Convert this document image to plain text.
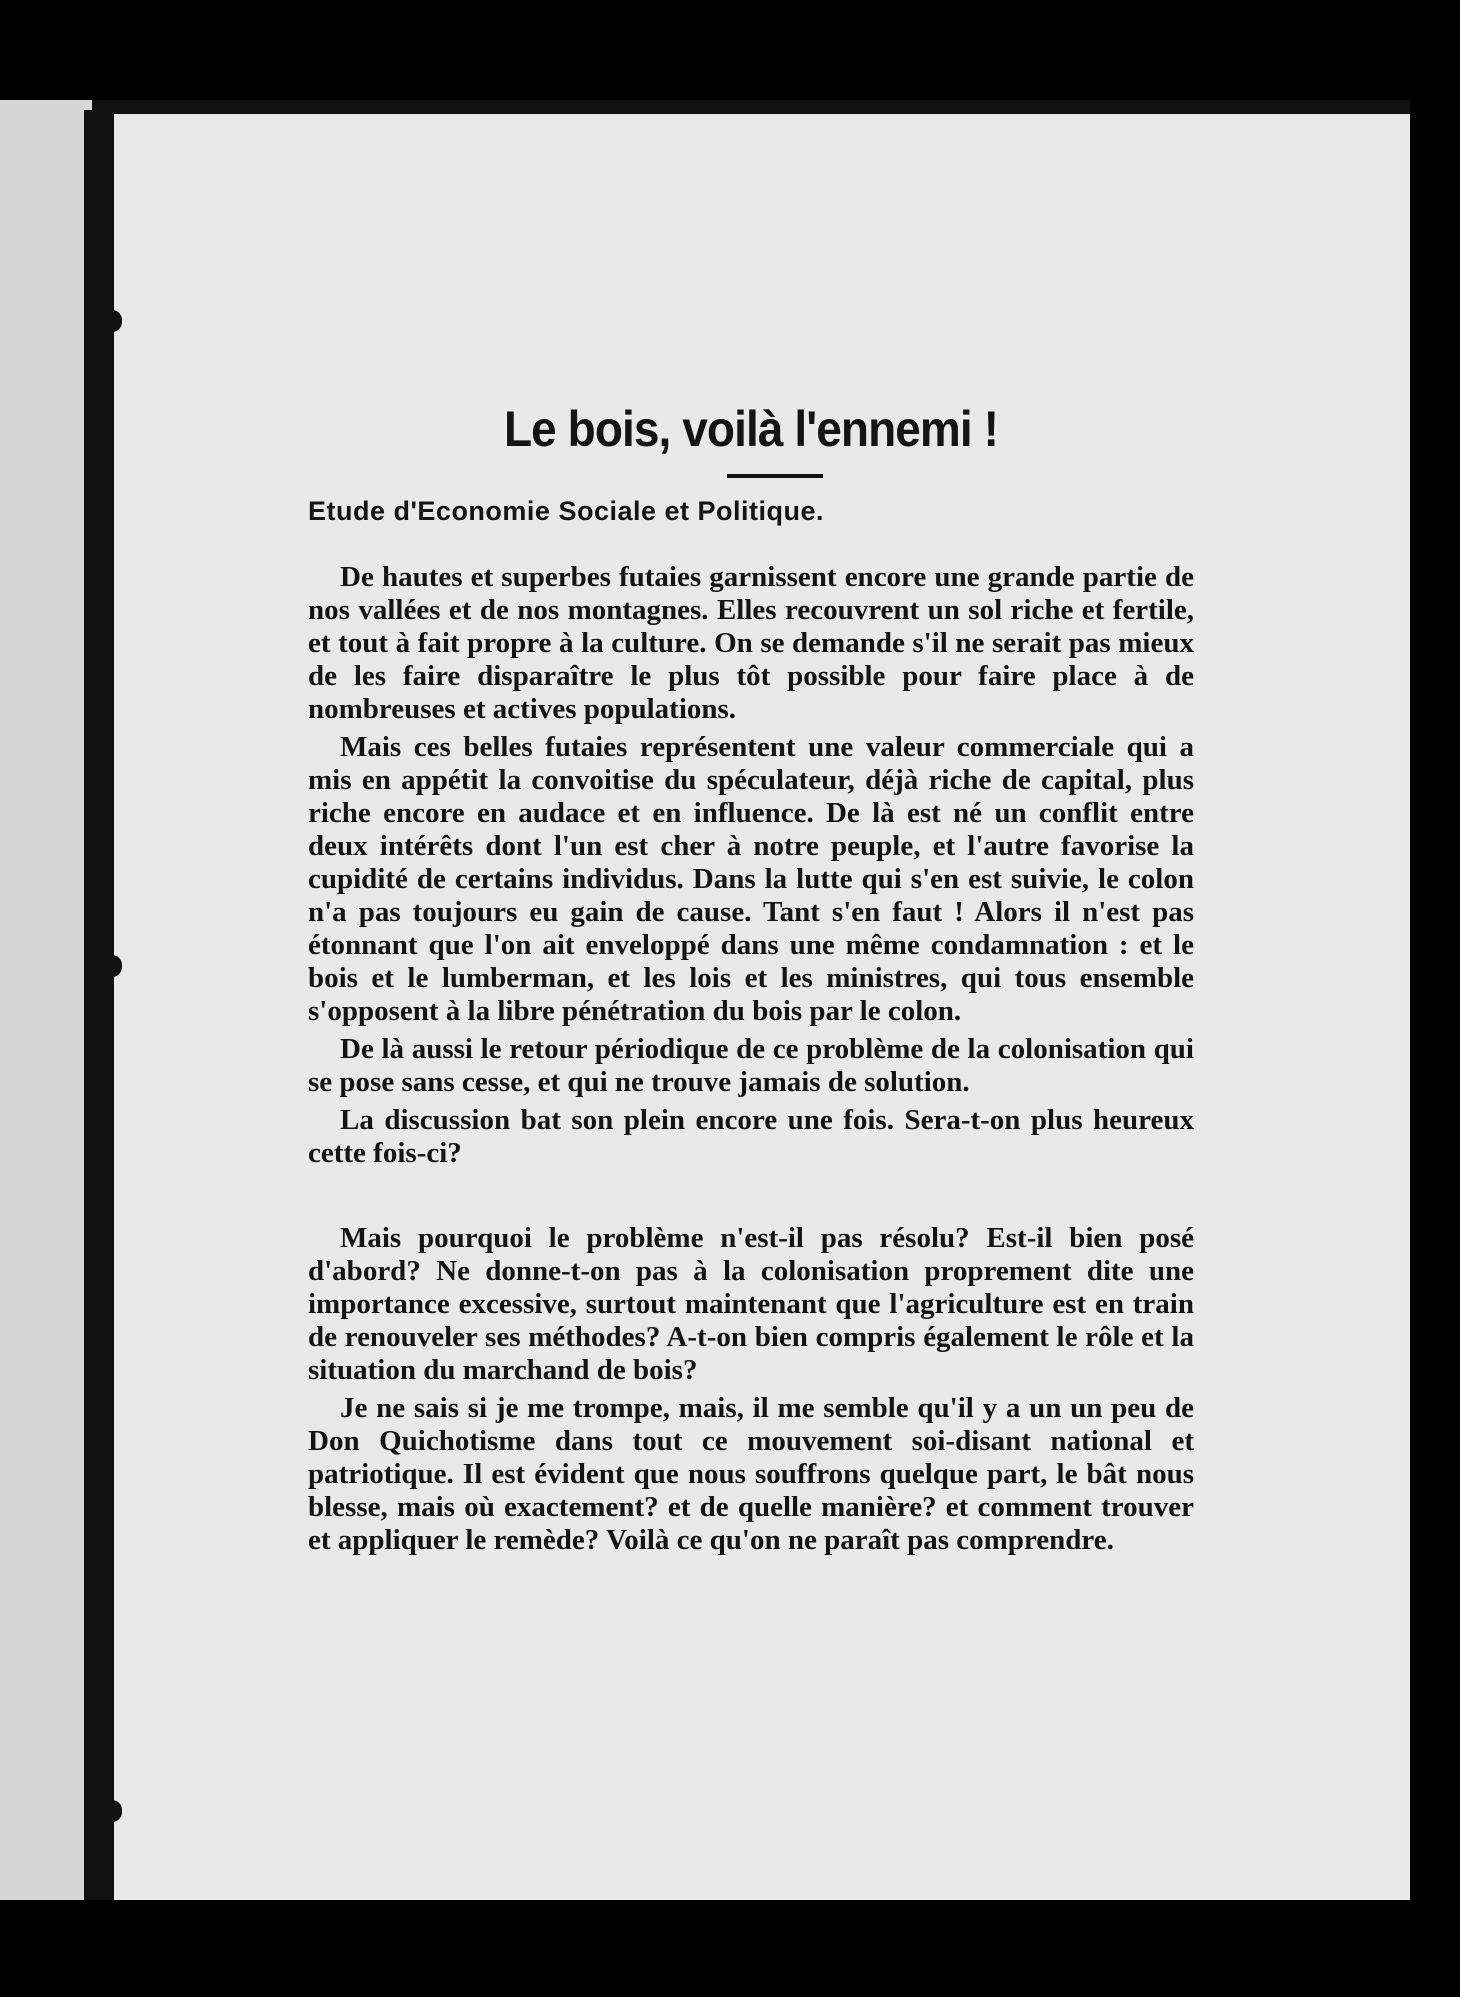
Le bois, voilà l'ennemi !
Etude d'Economie Sociale et Politique.

De hautes et superbes futaies garnissent encore une grande partie de nos vallées et de nos montagnes. Elles recouvrent un sol riche et fertile, et tout à fait propre à la culture. On se demande s'il ne serait pas mieux de les faire disparaître le plus tôt possible pour faire place à de nombreuses et actives populations.

Mais ces belles futaies représentent une valeur commerciale qui a mis en appétit la convoitise du spéculateur, déjà riche de capital, plus riche encore en audace et en influence. De là est né un conflit entre deux intérêts dont l'un est cher à notre peuple, et l'autre favorise la cupidité de certains individus. Dans la lutte qui s'en est suivie, le colon n'a pas toujours eu gain de cause. Tant s'en faut ! Alors il n'est pas étonnant que l'on ait enveloppé dans une même condamnation : et le bois et le lumberman, et les lois et les ministres, qui tous ensemble s'opposent à la libre pénétration du bois par le colon.

De là aussi le retour périodique de ce problème de la colonisation qui se pose sans cesse, et qui ne trouve jamais de solution.

La discussion bat son plein encore une fois. Sera-t-on plus heureux cette fois-ci?

Mais pourquoi le problème n'est-il pas résolu? Est-il bien posé d'abord? Ne donne-t-on pas à la colonisation proprement dite une importance excessive, surtout maintenant que l'agriculture est en train de renouveler ses méthodes? A-t-on bien compris également le rôle et la situation du marchand de bois?

Je ne sais si je me trompe, mais, il me semble qu'il y a un un peu de Don Quichotisme dans tout ce mouvement soi-disant national et patriotique. Il est évident que nous souffrons quelque part, le bât nous blesse, mais où exactement? et de quelle manière? et comment trouver et appliquer le remède? Voilà ce qu'on ne paraît pas comprendre.
